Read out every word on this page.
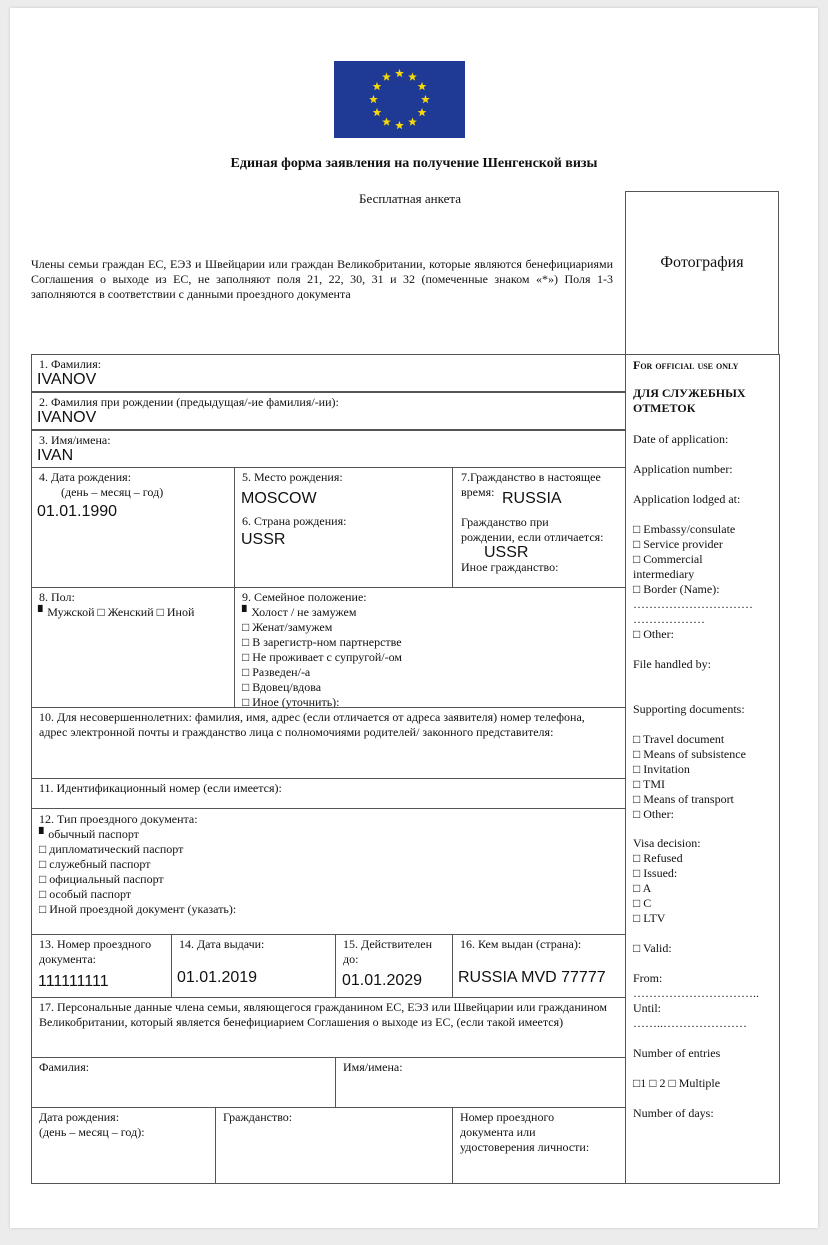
Единая форма заявления на получение Шенгенской визы
Бесплатная анкета
Члены семьи граждан ЕС, ЕЭЗ и Швейцарии или граждан Великобритании, которые являются бенефициариями Соглашения о выходе из ЕС, не заполняют поля 21, 22, 30, 31 и 32 (помеченные знаком «*») Поля 1-3 заполняются в соответствии с данными проездного документа
Фотография
1. Фамилия:
IVANOV
2. Фамилия при рождении (предыдущая/-ие фамилия/-ии):
IVANOV
3. Имя/имена:
IVAN
4. Дата рождения:
(день – месяц – год)
01.01.1990
5. Место рождения:
MOSCOW
6. Страна рождения:
USSR
7.Гражданство в настоящее
время: RUSSIA
Гражданство при
рождении, если отличается:
USSR
Иное гражданство:
8. Пол:
▘Мужской □ Женский □ Иной
9. Семейное положение:
▘Холост / не замужем
□ Женат/замужем
□ В зарегистр-ном партнерстве
□ Не проживает с супругой/-ом
□ Разведен/-а
□ Вдовец/вдова
□ Иное (уточнить):
10. Для несовершеннолетних: фамилия, имя, адрес (если отличается от адреса заявителя) номер телефона, адрес электронной почты и гражданство лица с полномочиями родителей/ законного представителя:
11. Идентификационный номер (если имеется):
12. Тип проездного документа:
▘обычный паспорт
□ дипломатический паспорт
□ служебный паспорт
□ официальный паспорт
□ особый паспорт
□ Иной проездной документ (указать):
13. Номер проездного
документа:
111111111
14. Дата выдачи:
01.01.2019
15. Действителен
до:
01.01.2029
16. Кем выдан (страна):
RUSSIA MVD 77777
17. Персональные данные члена семьи, являющегося гражданином ЕС, ЕЭЗ или Швейцарии или гражданином Великобритании, который является бенефициарием Соглашения о выходе из ЕС, (если такой имеется)
Фамилия:	Имя/имена:
Дата рождения:
(день – месяц – год):
Гражданство:	Номер проездного
документа или
удостоверения личности:
For official use only
ДЛЯ СЛУЖЕБНЫХ
ОТМЕТОК
Date of application:
Application number:
Application lodged at:
□ Embassy/consulate
□ Service provider
□ Commercial
intermediary
□ Border (Name):
…………………………
………………
□ Other:
File handled by:
Supporting documents:
□ Travel document
□ Means of subsistence
□ Invitation
□ TMI
□ Means of transport
□ Other:
Visa decision:
□ Refused
□ Issued:
□ A
□ C
□ LTV
□ Valid:
From:
…………………………..
Until:
……..…………………
Number of entries
□1 □ 2 □ Multiple
Number of days:
